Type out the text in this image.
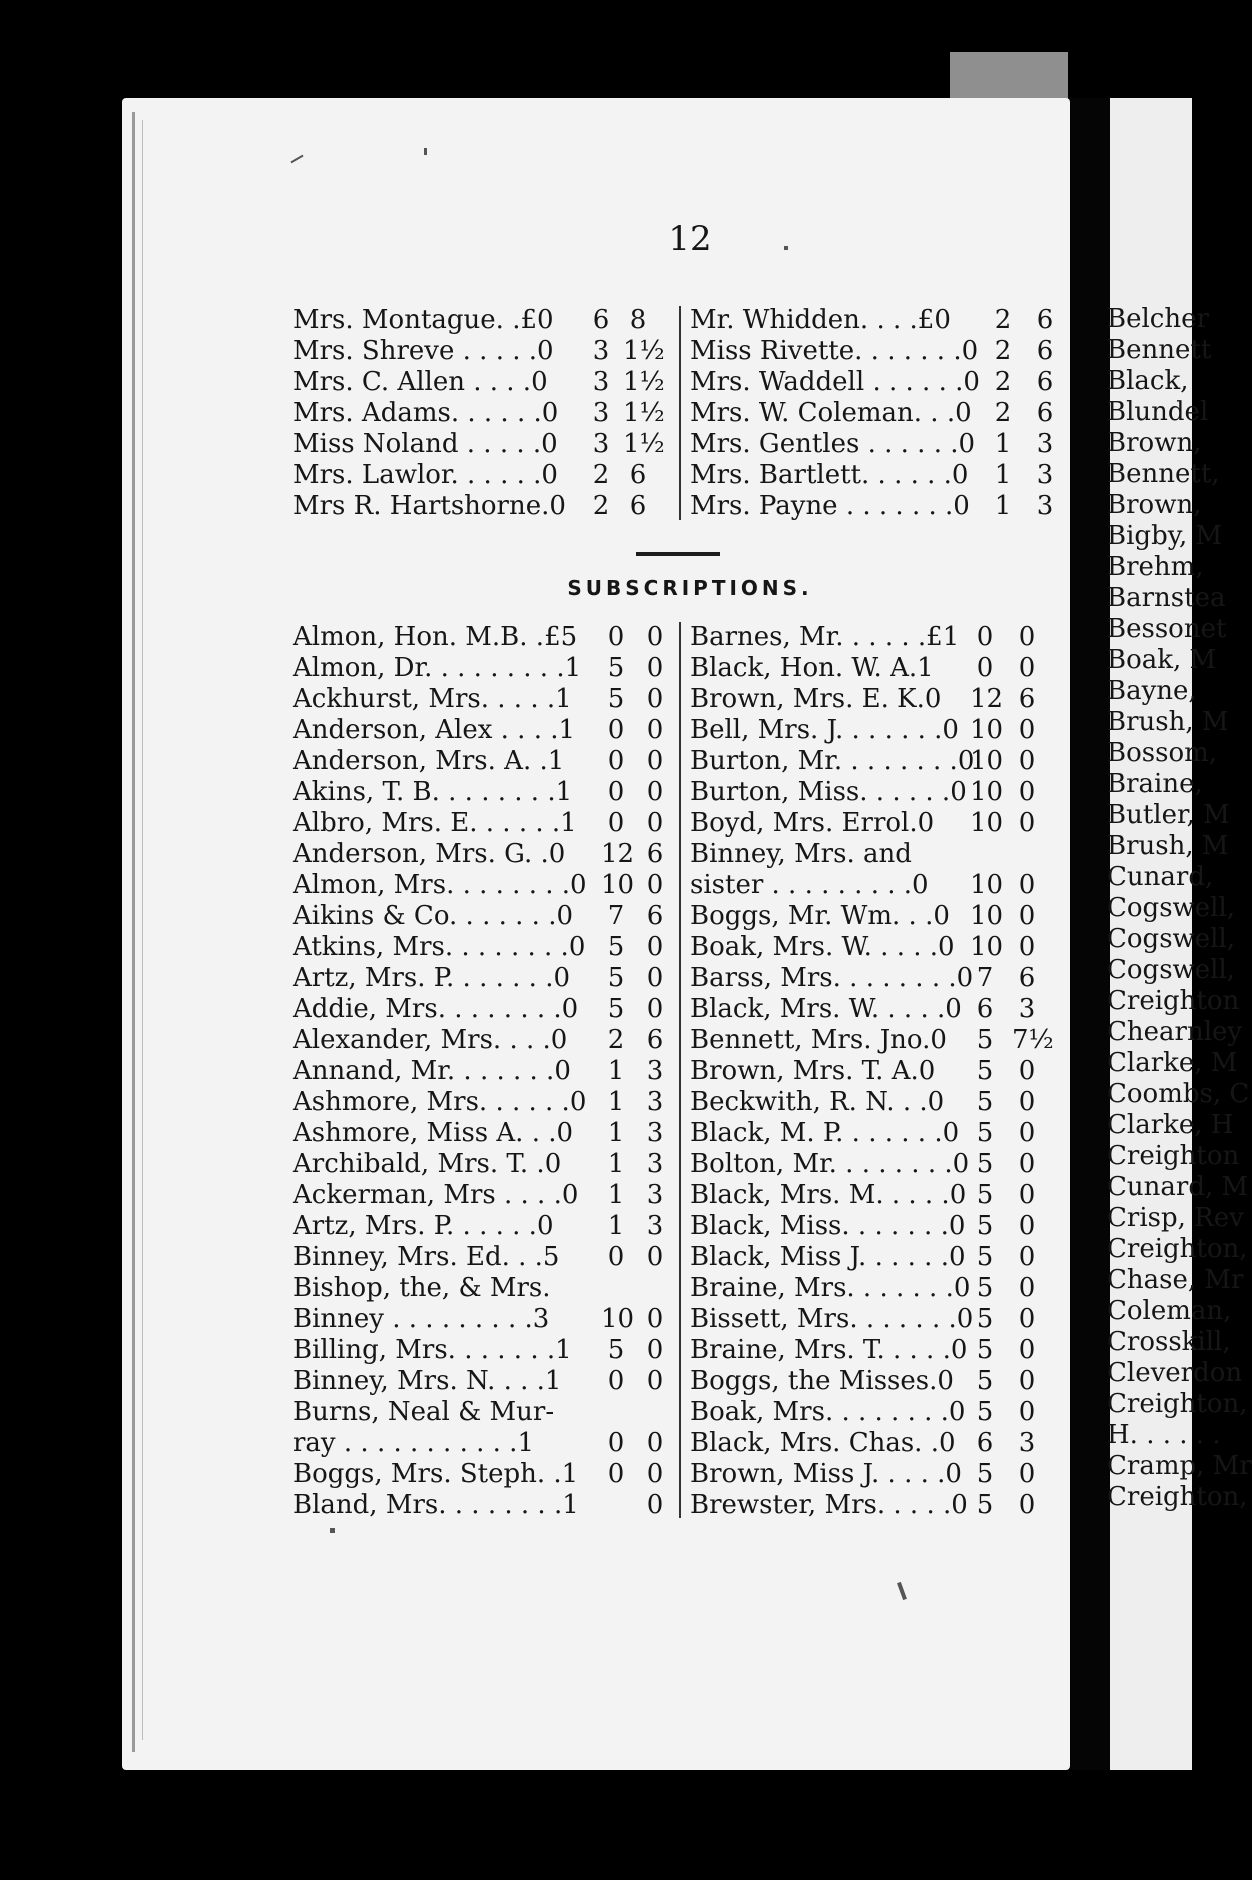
Belcher
Bennett
Black,
Blundel
Brown,
Bennett,
Brown,
Bigby, M
Brehm,
Barnstea
Bessonet
Boak, M
Bayne,
Brush, M
Bossom,
Braine,
Butler, M
Brush, M
Cunard,
Cogswell,
Cogswell,
Cogswell,
Creighton
Chearnley
Clarke, M
Coombs, C
Clarke, H
Creighton
Cunard, M
Crisp, Rev
Creighton,
Chase, Mr
Coleman,
Crosskill,
Cleverdon
Creighton,
H. . . . . .
Cramp, Mr
Creighton,
12
Mrs. Montague. .£0 6 8
Mrs. Shreve . . . . .0 3 1½
Mrs. C. Allen . . . .0 3 1½
Mrs. Adams. . . . . .0 3 1½
Miss Noland . . . . .0 3 1½
Mrs. Lawlor. . . . . .0 2 6
Mrs R. Hartshorne.0 2 6
Mr. Whidden. . . .£0 2 6
Miss Rivette. . . . . . .0 2 6
Mrs. Waddell . . . . . .0 2 6
Mrs. W. Coleman. . .0 2 6
Mrs. Gentles . . . . . .0 1 3
Mrs. Bartlett. . . . . .0 1 3
Mrs. Payne . . . . . . .0 1 3
SUBSCRIPTIONS.
Almon, Hon. M.B. .£5 0 0
Almon, Dr. . . . . . . . .1 5 0
Ackhurst, Mrs. . . . .1 5 0
Anderson, Alex . . . .1 0 0
Anderson, Mrs. A. .1 0 0
Akins, T. B. . . . . . . .1 0 0
Albro, Mrs. E. . . . . .1 0 0
Anderson, Mrs. G. .0 12 6
Almon, Mrs. . . . . . . .0 10 0
Aikins & Co. . . . . . .0 7 6
Atkins, Mrs. . . . . . . .0 5 0
Artz, Mrs. P. . . . . . .0 5 0
Addie, Mrs. . . . . . . .0 5 0
Alexander, Mrs. . . .0 2 6
Annand, Mr. . . . . . .0 1 3
Ashmore, Mrs. . . . . .0 1 3
Ashmore, Miss A. . .0 1 3
Archibald, Mrs. T. .0 1 3
Ackerman, Mrs . . . .0 1 3
Artz, Mrs. P. . . . . .0 1 3
Binney, Mrs. Ed. . .5 0 0
Bishop, the, & Mrs.
Binney . . . . . . . . .3 10 0
Billing, Mrs. . . . . . .1 5 0
Binney, Mrs. N. . . .1 0 0
Burns, Neal & Mur-
ray . . . . . . . . . . .1	0 0
Boggs, Mrs. Steph. .1 0 0
Bland, Mrs. . . . . . . .1	0
Barnes, Mr. . . . . .£1 0 0
Black, Hon. W. A.1 0 0
Brown, Mrs. E. K.0 12 6
Bell, Mrs. J. . . . . . .0 10 0
Burton, Mr. . . . . . . .0
10 0
Burton, Miss. . . . . .0 10 0
Boyd, Mrs. Errol.0 10 0
Binney, Mrs. and
sister . . . . . . . . .0 10 0
Boggs, Mr. Wm. . .0 10 0
Boak, Mrs. W. . . . .0 10 0
Barss, Mrs. . . . . . . .0 7 6
Black, Mrs. W. . . . .0 6 3
Bennett, Mrs. Jno.0 5 7½
Brown, Mrs. T. A.0 5 0
Beckwith, R. N. . .0 5 0
Black, M. P. . . . . . .0 5 0
Bolton, Mr. . . . . . . .0 5 0
Black, Mrs. M. . . . .0 5 0
Black, Miss. . . . . . .0 5 0
Black, Miss J. . . . . .0 5 0
Braine, Mrs. . . . . . .0 5 0
Bissett, Mrs. . . . . . .0 5 0
Braine, Mrs. T. . . . .0 5 0
Boggs, the Misses.0 5 0
Boak, Mrs. . . . . . . .0 5 0
Black, Mrs. Chas. .0 6 3
Brown, Miss J. . . . .0 5 0
Brewster, Mrs. . . . .0 5 0
